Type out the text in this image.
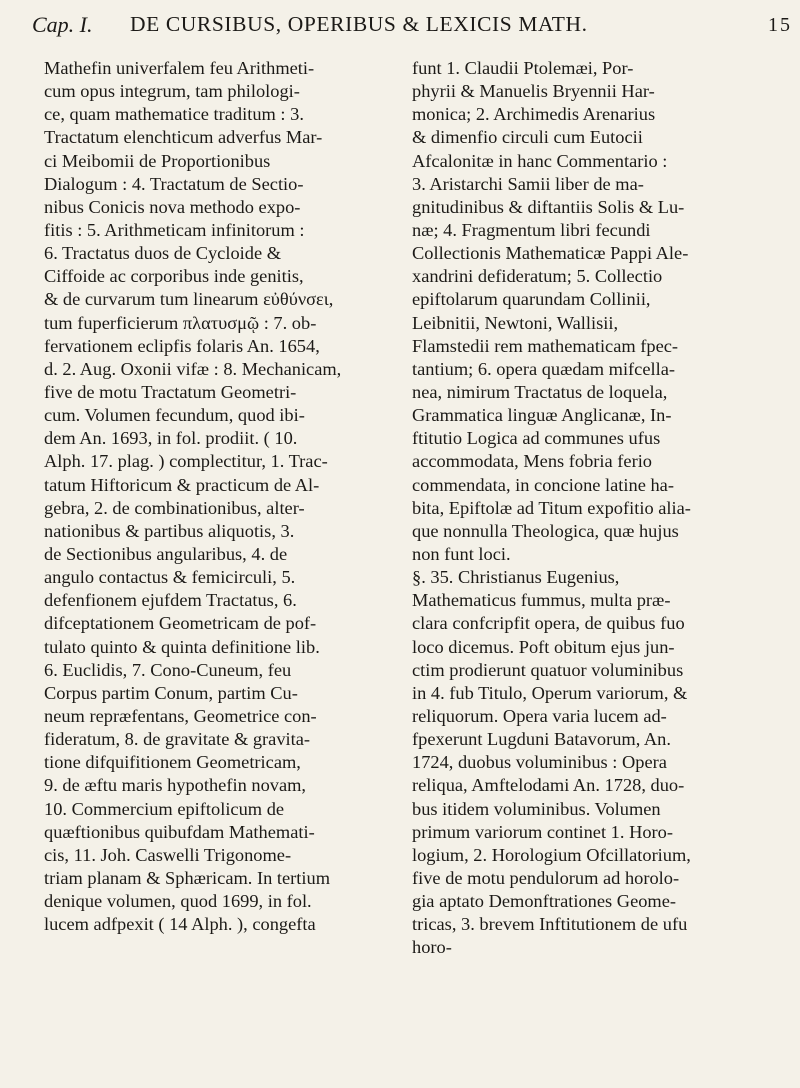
Cap. I. DE CURSIBUS, OPERIBUS & LEXICIS MATH.	15
Mathefin univerfalem feu Arithmeti-
cum opus integrum, tam philologi-
ce, quam mathematice traditum : 3.
Tractatum elenchticum adverfus Mar-
ci Meibomii de Proportionibus
Dialogum : 4. Tractatum de Sectio-
nibus Conicis nova methodo expo-
fitis : 5. Arithmeticam infinitorum :
6. Tractatus duos de Cycloide &
Ciffoide ac corporibus inde genitis,
& de curvarum tum linearum εὐθύνσει,
tum fuperficierum πλατυσμῷ : 7. ob-
fervationem eclipfis folaris An. 1654,
d. 2. Aug. Oxonii vifæ : 8. Mechanicam,
five de motu Tractatum Geometri-
cum. Volumen fecundum, quod ibi-
dem An. 1693, in fol. prodiit. ( 10.
Alph. 17. plag. ) complectitur, 1. Trac-
tatum Hiftoricum & practicum de Al-
gebra, 2. de combinationibus, alter-
nationibus & partibus aliquotis, 3.
de Sectionibus angularibus, 4. de
angulo contactus & femicirculi, 5.
defenfionem ejufdem Tractatus, 6.
difceptationem Geometricam de pof-
tulato quinto & quinta definitione lib.
6. Euclidis, 7. Cono-Cuneum, feu
Corpus partim Conum, partim Cu-
neum repræfentans, Geometrice con-
fideratum, 8. de gravitate & gravita-
tione difquifitionem Geometricam,
9. de æftu maris hypothefin novam,
10. Commercium epiftolicum de
quæftionibus quibufdam Mathemati-
cis, 11. Joh. Caswelli Trigonome-
triam planam & Sphæricam. In tertium
denique volumen, quod 1699, in fol.
lucem adfpexit ( 14 Alph. ), congefta
funt 1. Claudii Ptolemæi, Por-
phyrii & Manuelis Bryennii Har-
monica; 2. Archimedis Arenarius
& dimenfio circuli cum Eutocii
Afcalonitæ in hanc Commentario :
3. Aristarchi Samii liber de ma-
gnitudinibus & diftantiis Solis & Lu-
næ; 4. Fragmentum libri fecundi
Collectionis Mathematicæ Pappi Ale-
xandrini defideratum; 5. Collectio
epiftolarum quarundam Collinii,
Leibnitii, Newtoni, Wallisii,
Flamstedii rem mathematicam fpec-
tantium; 6. opera quædam mifcella-
nea, nimirum Tractatus de loquela,
Grammatica linguæ Anglicanæ, In-
ftitutio Logica ad communes ufus
accommodata, Mens fobria ferio
commendata, in concione latine ha-
bita, Epiftolæ ad Titum expofitio alia-
que nonnulla Theologica, quæ hujus
non funt loci.
§. 35. Christianus Eugenius,
Mathematicus fummus, multa præ-
clara confcripfit opera, de quibus fuo
loco dicemus. Poft obitum ejus jun-
ctim prodierunt quatuor voluminibus
in 4. fub Titulo, Operum variorum, &
reliquorum. Opera varia lucem ad-
fpexerunt Lugduni Batavorum, An.
1724, duobus voluminibus : Opera
reliqua, Amftelodami An. 1728, duo-
bus itidem voluminibus. Volumen
primum variorum continet 1. Horo-
logium, 2. Horologium Ofcillatorium,
five de motu pendulorum ad horolo-
gia aptato Demonftrationes Geome-
tricas, 3. brevem Inftitutionem de ufu
horo-
